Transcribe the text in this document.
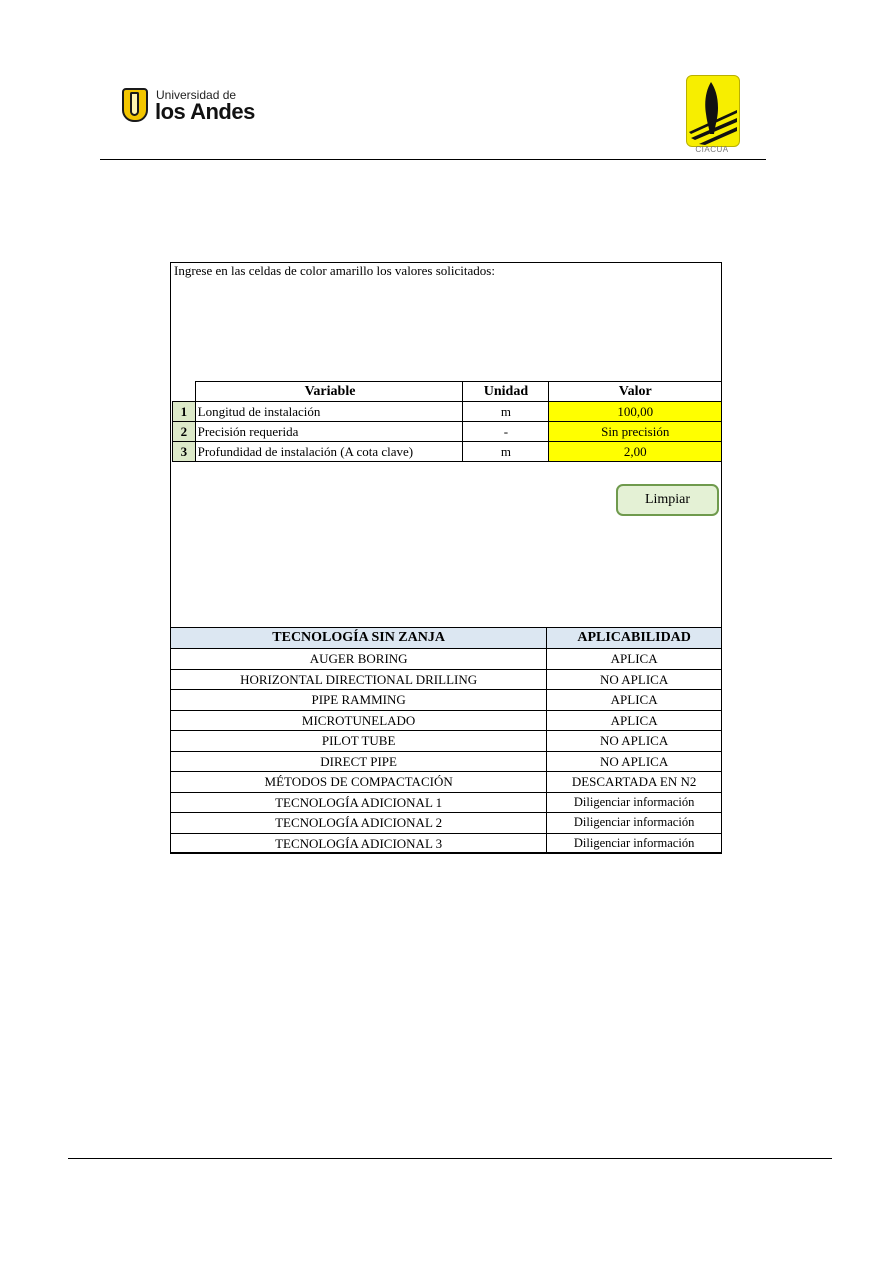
Universidad de
los Andes
CIACUA
Ingrese en las celdas de color amarillo los valores solicitados:
	Variable	Unidad	Valor
1	Longitud de instalación	m	100,00
2	Precisión requerida	-	Sin precisión
3	Profundidad de instalación (A cota clave)	m	2,00
Limpiar
TECNOLOGÍA SIN ZANJA	APLICABILIDAD
AUGER BORING	APLICA
HORIZONTAL DIRECTIONAL DRILLING	NO APLICA
PIPE RAMMING	APLICA
MICROTUNELADO	APLICA
PILOT TUBE	NO APLICA
DIRECT PIPE	NO APLICA
MÉTODOS DE COMPACTACIÓN	DESCARTADA EN N2
TECNOLOGÍA ADICIONAL 1	Diligenciar información
TECNOLOGÍA ADICIONAL 2	Diligenciar información
TECNOLOGÍA ADICIONAL 3	Diligenciar información
